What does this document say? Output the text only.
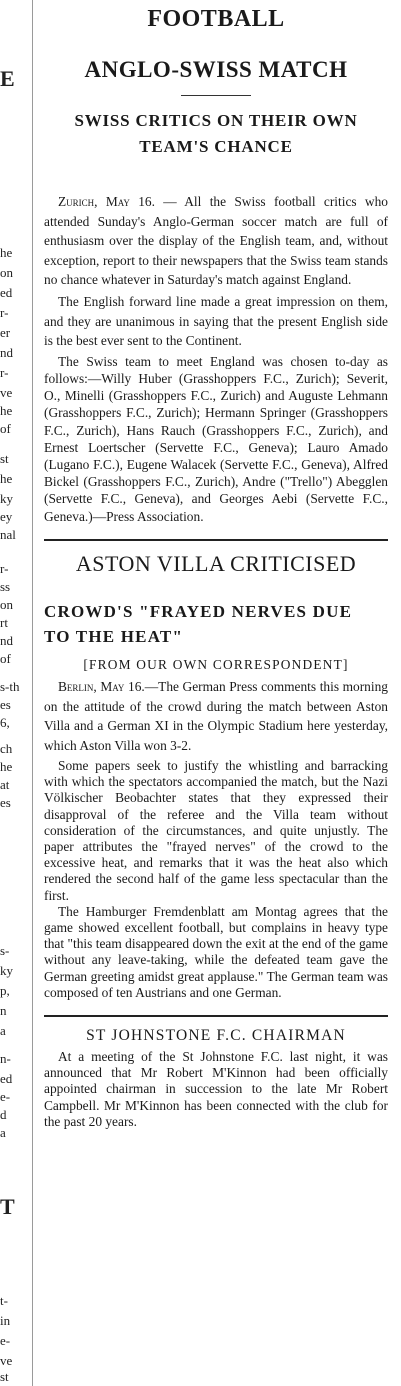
E
he
on
ed
r-
er
nd
r-
ve
he
of
st
he
ky
ey
nal
r-
ss
on
rt
nd
of
s-th
es
6,
ch
he
at
es
s-
ky
p,
n
a
n-
ed
e-
d
a
T
t-
in
e-
ve
st
FOOTBALL
ANGLO-SWISS MATCH
SWISS CRITICS ON THEIR OWN
TEAM'S CHANCE

Zurich, May 16. — All the Swiss football critics who attended Sunday's Anglo-German soccer match are full of enthusiasm over the display of the English team, and, without exception, report to their newspapers that the Swiss team stands no chance whatever in Saturday's match against England.

The English forward line made a great impression on them, and they are unanimous in saying that the present English side is the best ever sent to the Continent.

The Swiss team to meet England was chosen to-day as follows:—Willy Huber (Grasshoppers F.C., Zurich); Severit, O., Minelli (Grasshoppers F.C., Zurich) and Auguste Lehmann (Grasshoppers F.C., Zurich); Hermann Springer (Grasshoppers F.C., Zurich), Hans Rauch (Grasshoppers F.C., Zurich), and Ernest Loertscher (Servette F.C., Geneva); Lauro Amado (Lugano F.C.), Eugene Walacek (Servette F.C., Geneva), Alfred Bickel (Grasshoppers F.C., Zurich), Andre ("Trello") Abegglen (Servette F.C., Geneva), and Georges Aebi (Servette F.C., Geneva.)—Press Association.

ASTON VILLA CRITICISED
CROWD'S "FRAYED NERVES DUE
TO THE HEAT"
[FROM OUR OWN CORRESPONDENT]

Berlin, May 16.—The German Press comments this morning on the attitude of the crowd during the match between Aston Villa and a German XI in the Olympic Stadium here yesterday, which Aston Villa won 3-2.

Some papers seek to justify the whistling and barracking with which the spectators accompanied the match, but the Nazi Völkischer Beobachter states that they expressed their disapproval of the referee and the Villa team without consideration of the circumstances, and quite unjustly. The paper attributes the "frayed nerves" of the crowd to the excessive heat, and remarks that it was the heat also which rendered the second half of the game less spectacular than the first.

The Hamburger Fremdenblatt am Montag agrees that the game showed excellent football, but complains in heavy type that "this team disappeared down the exit at the end of the game without any leave-taking, while the defeated team gave the German greeting amidst great applause." The German team was composed of ten Austrians and one German.

ST JOHNSTONE F.C. CHAIRMAN

At a meeting of the St Johnstone F.C. last night, it was announced that Mr Robert M'Kinnon had been officially appointed chairman in succession to the late Mr Robert Campbell. Mr M'Kinnon has been connected with the club for the past 20 years.
